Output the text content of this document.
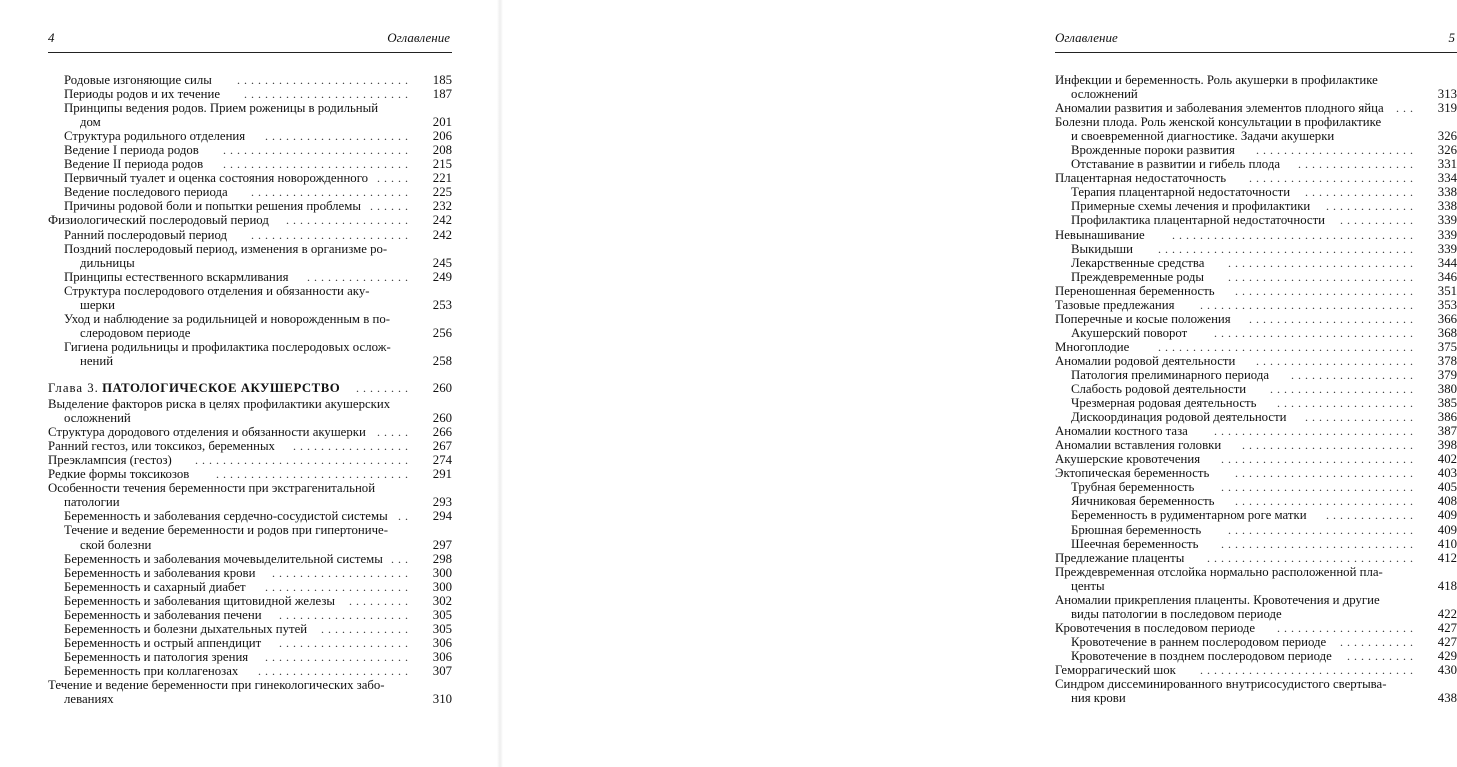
4	Оглавление
Родовые изгоняющие силы	.........................	185
Периоды родов и их течение	........................	187
Принципы ведения родов. Прием роженицы в родильный
дом	201
Структура родильного отделения	.....................	206
Ведение I периода родов	...........................	208
Ведение II периода родов	...........................	215
Первичный туалет и оценка состояния новорожденного .....	221
Ведение последового периода	.......................	225
Причины родовой боли и попытки решения проблемы ......	232
Физиологический послеродовый период	..................	242
Ранний послеродовый период	.......................	242
Поздний послеродовый период, изменения в организме ро-
дильницы	245
Принципы естественного вскармливания	...............	249
Структура послеродового отделения и обязанности аку-
шерки	253
Уход и наблюдение за родильницей и новорожденным в по-
слеродовом периоде	256
Гигиена родильницы и профилактика послеродовых ослож-
нений	258
Глава 3. ПАТОЛОГИЧЕСКОЕ АКУШЕРСТВО	........	260
Выделение факторов риска в целях профилактики акушерских
осложнений	260
Структура дородового отделения и обязанности акушерки .....	266
Ранний гестоз, или токсикоз, беременных	.................	267
Преэклампсия (гестоз)	...............................	274
Редкие формы токсикозов	............................	291
Особенности течения беременности при экстрагенитальной
патологии	293
Беременность и заболевания сердечно-сосудистой системы ..	294
Течение и ведение беременности и родов при гипертониче-
ской болезни	297
Беременность и заболевания мочевыделительной системы ...	298
Беременность и заболевания крови	....................	300
Беременность и сахарный диабет	.....................	300
Беременность и заболевания щитовидной железы	.........	302
Беременность и заболевания печени	...................	305
Беременность и болезни дыхательных путей	.............	305
Беременность и острый аппендицит	...................	306
Беременность и патология зрения	.....................	306
Беременность при коллагенозах	......................	307
Течение и ведение беременности при гинекологических забо-
леваниях	310
Оглавление	5
Инфекции и беременность. Роль акушерки в профилактике
осложнений	313
Аномалии развития и заболевания элементов плодного яйца	...	319
Болезни плода. Роль женской консультации в профилактике
и своевременной диагностике. Задачи акушерки	326
Врожденные пороки развития	.......................	326
Отставание в развитии и гибель плода	.................	331
Плацентарная недостаточность	........................	334
Терапия плацентарной недостаточности	................	338
Примерные схемы лечения и профилактики	.............	338
Профилактика плацентарной недостаточности	...........	339
Невынашивание	...................................	339
Выкидыши	.....................................	339
Лекарственные средства	...........................	344
Преждевременные роды	...........................	346
Переношенная беременность	..........................	351
Тазовые предлежания	...............................	353
Поперечные и косые положения	........................	366
Акушерский поворот	.............................	368
Многоплодие	.....................................	375
Аномалии родовой деятельности	.......................	378
Патология прелиминарного периода	..................	379
Слабость родовой деятельности	.....................	380
Чрезмерная родовая деятельность	....................	385
Дискоординация родовой деятельности	................	386
Аномалии костного таза	.............................	387
Аномалии вставления головки	.........................	398
Акушерские кровотечения	............................	402
Эктопическая беременность	..........................	403
Трубная беременность	............................	405
Яичниковая беременность	..........................	408
Беременность в рудиментарном роге матки	.............	409
Брюшная беременность	...........................	409
Шеечная беременность	............................	410
Предлежание плаценты	..............................	412
Преждевременная отслойка нормально расположенной пла-
центы	418
Аномалии прикрепления плаценты. Кровотечения и другие
виды патологии в последовом периоде	422
Кровотечения в последовом периоде	....................	427
Кровотечение в раннем послеродовом периоде	...........	427
Кровотечение в позднем послеродовом периоде	..........	429
Геморрагический шок	...............................	430
Синдром диссеминированного внутрисосудистого свертыва-
ния крови	438
